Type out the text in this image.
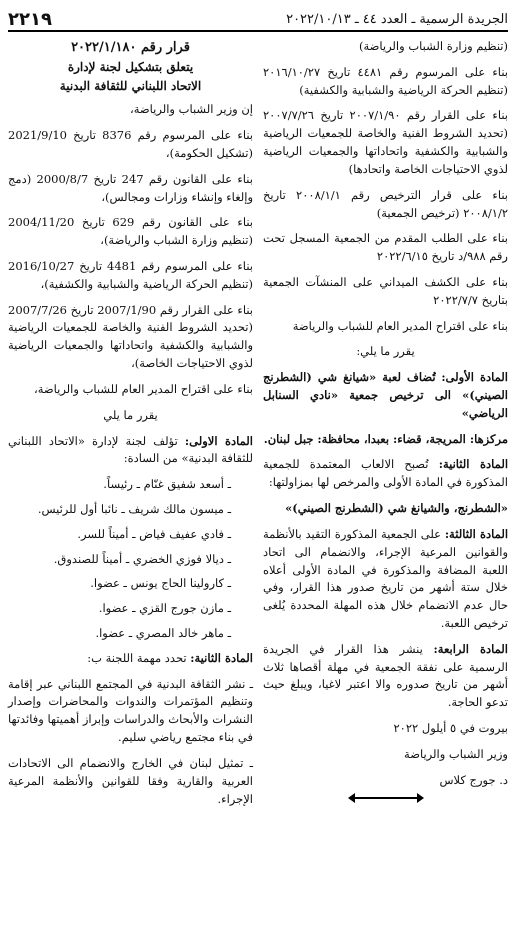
الجريدة الرسمية ـ العدد ٤٤ ـ ٢٠٢٢/١٠/١٣
٢٢١٩

(تنظيم وزارة الشباب والرياضة)

بناء على المرسوم رقم ٤٤٨١ تاريخ ٢٠١٦/١٠/٢٧ (تنظيم الحركة الرياضية والشبابية والكشفية)

بناء على القرار رقم ٢٠٠٧/١/٩٠ تاريخ ٢٠٠٧/٧/٢٦ (تحديد الشروط الفنية والخاصة للجمعيات الرياضية والشبابية والكشفية واتحاداتها والجمعيات الرياضية لذوي الاحتياجات الخاصة واتحادها)

بناء على قرار الترخيص رقم ٢٠٠٨/١/١ تاريخ ٢٠٠٨/١/٢ (ترخيص الجمعية)

بناء على الطلب المقدم من الجمعية المسجل تحت رقم ٩٨٨/د تاريخ ٢٠٢٢/٦/١٥

بناء على الكشف الميداني على المنشآت الجمعية بتاريخ ٢٠٢٢/٧/٧

بناء على اقتراح المدير العام للشباب والرياضة

يقرر ما يلي:

المادة الأولى: تُضاف لعبة «شيانغ شي (الشطرنج الصيني)» الى ترخيص جمعية «نادي السنابل الرياضي»

مركزها: المريجة، قضاء: بعبدا، محافظة: جبل لبنان.

المادة الثانية: تُصبح الالعاب المعتمدة للجمعية المذكورة في المادة الأولى والمرخص لها بمزاولتها:

«الشطرنج، والشيانغ شي (الشطرنج الصيني)»

المادة الثالثة: على الجمعية المذكورة التقيد بالأنظمة والقوانين المرعية الإجراء، والانضمام الى اتحاد اللعبة المضافة والمذكورة في المادة الأولى أعلاه خلال ستة أشهر من تاريخ صدور هذا القرار، وفي حال عدم الانضمام خلال هذه المهلة المحددة يُلغى ترخيص اللعبة.

المادة الرابعة: ينشر هذا القرار في الجريدة الرسمية على نفقة الجمعية في مهلة أقصاها ثلاث أشهر من تاريخ صدوره والا اعتبر لاغيا، ويبلغ حيث تدعو الحاجة.

بيروت في ٥ أيلول ٢٠٢٢

وزير الشباب والرياضة

د. جورج كلاس

قرار رقم ٢٠٢٢/١/١٨٠
يتعلق بتشكيل لجنة لإدارة
الاتحاد اللبناني للثقافة البدنية

إن وزير الشباب والرياضة،

بناء على المرسوم رقم 8376 تاريخ 2021/9/10 (تشكيل الحكومة)،

بناء على القانون رقم 247 تاريخ 2000/8/7 (دمج وإلغاء وإنشاء وزارات ومجالس)،

بناء على القانون رقم 629 تاريخ 2004/11/20 (تنظيم وزارة الشباب والرياضة)،

بناء على المرسوم رقم 4481 تاريخ 2016/10/27 (تنظيم الحركة الرياضية والشبابية والكشفية)،

بناء على القرار رقم 2007/1/90 تاريخ 2007/7/26 (تحديد الشروط الفنية والخاصة للجمعيات الرياضية والشبابية والكشفية واتحاداتها والجمعيات الرياضية لذوي الاحتياجات الخاصة)،

بناء على اقتراح المدير العام للشباب والرياضة،

يقرر ما يلي

المادة الاولى: تؤلف لجنة لإدارة «الاتحاد اللبناني للثقافة البدنية» من السادة:

ـ أسعد شفيق غنّام ـ رئيساً.
ـ ميسون مالك شريف ـ نائبا أول للرئيس.
ـ فادي عفيف فياض ـ أميناً للسر.
ـ ديالا فوزي الخضري ـ أميناً للصندوق.
ـ كارولينا الحاج يونس ـ عضوا.
ـ مازن جورج القزي ـ عضوا.
ـ ماهر خالد المصري ـ عضوا.

المادة الثانية: تحدد مهمة اللجنة ب:

ـ نشر الثقافة البدنية في المجتمع اللبناني عبر إقامة وتنظيم المؤتمرات والندوات والمحاضرات وإصدار النشرات والأبحاث والدراسات وإبراز أهميتها وفائدتها في بناء مجتمع رياضي سليم.

ـ تمثيل لبنان في الخارج والانضمام الى الاتحادات العربية والقارية وفقا للقوانين والأنظمة المرعية الإجراء.
